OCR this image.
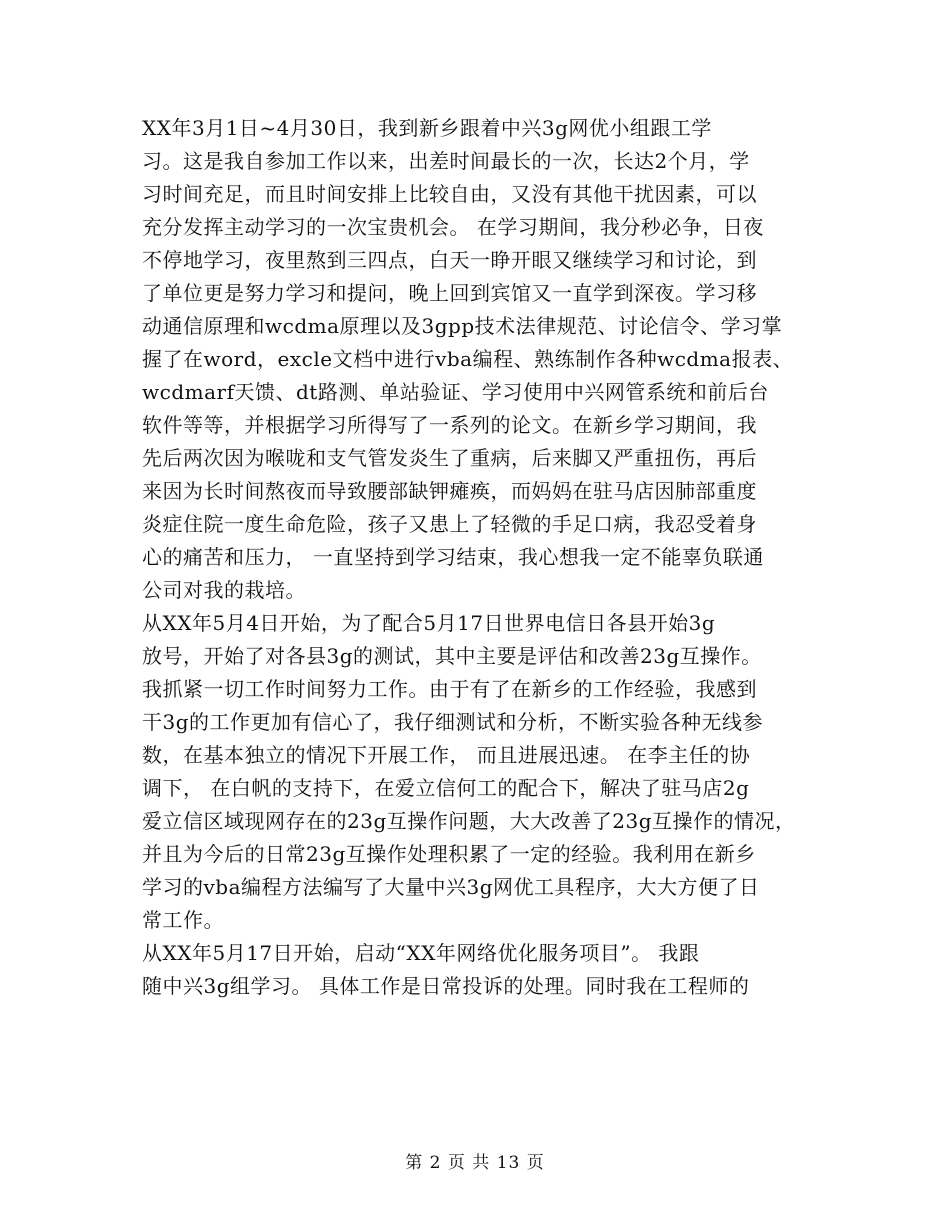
XX年3月1日~4月30日，我到新乡跟着中兴3g网优小组跟工学
习。这是我自参加工作以来，出差时间最长的一次，长达2个月，学
习时间充足，而且时间安排上比较自由，又没有其他干扰因素，可以
充分发挥主动学习的一次宝贵机会。 在学习期间，我分秒必争，日夜
不停地学习，夜里熬到三四点，白天一睁开眼又继续学习和讨论，到
了单位更是努力学习和提问，晚上回到宾馆又一直学到深夜。学习移
动通信原理和wcdma原理以及3gpp技术法律规范、讨论信令、学习掌
握了在word，excle文档中进行vba编程、熟练制作各种wcdma报表、
wcdmarf天馈、dt路测、单站验证、学习使用中兴网管系统和前后台
软件等等，并根据学习所得写了一系列的论文。在新乡学习期间，我
先后两次因为喉咙和支气管发炎生了重病，后来脚又严重扭伤，再后
来因为长时间熬夜而导致腰部缺钾瘫痪，而妈妈在驻马店因肺部重度
炎症住院一度生命危险，孩子又患上了轻微的手足口病，我忍受着身
心的痛苦和压力， 一直坚持到学习结束，我心想我一定不能辜负联通
公司对我的栽培。
从XX年5月4日开始，为了配合5月17日世界电信日各县开始3g
放号，开始了对各县3g的测试，其中主要是评估和改善23g互操作。
我抓紧一切工作时间努力工作。由于有了在新乡的工作经验，我感到
干3g的工作更加有信心了，我仔细测试和分析，不断实验各种无线参
数，在基本独立的情况下开展工作， 而且进展迅速。 在李主任的协
调下， 在白帆的支持下，在爱立信何工的配合下，解决了驻马店2g
爱立信区域现网存在的23g互操作问题，大大改善了23g互操作的情况，
并且为今后的日常23g互操作处理积累了一定的经验。我利用在新乡
学习的vba编程方法编写了大量中兴3g网优工具程序，大大方便了日
常工作。
从XX年5月17日开始，启动“XX年网络优化服务项目”。 我跟
随中兴3g组学习。 具体工作是日常投诉的处理。同时我在工程师的
第 2 页 共 13 页
